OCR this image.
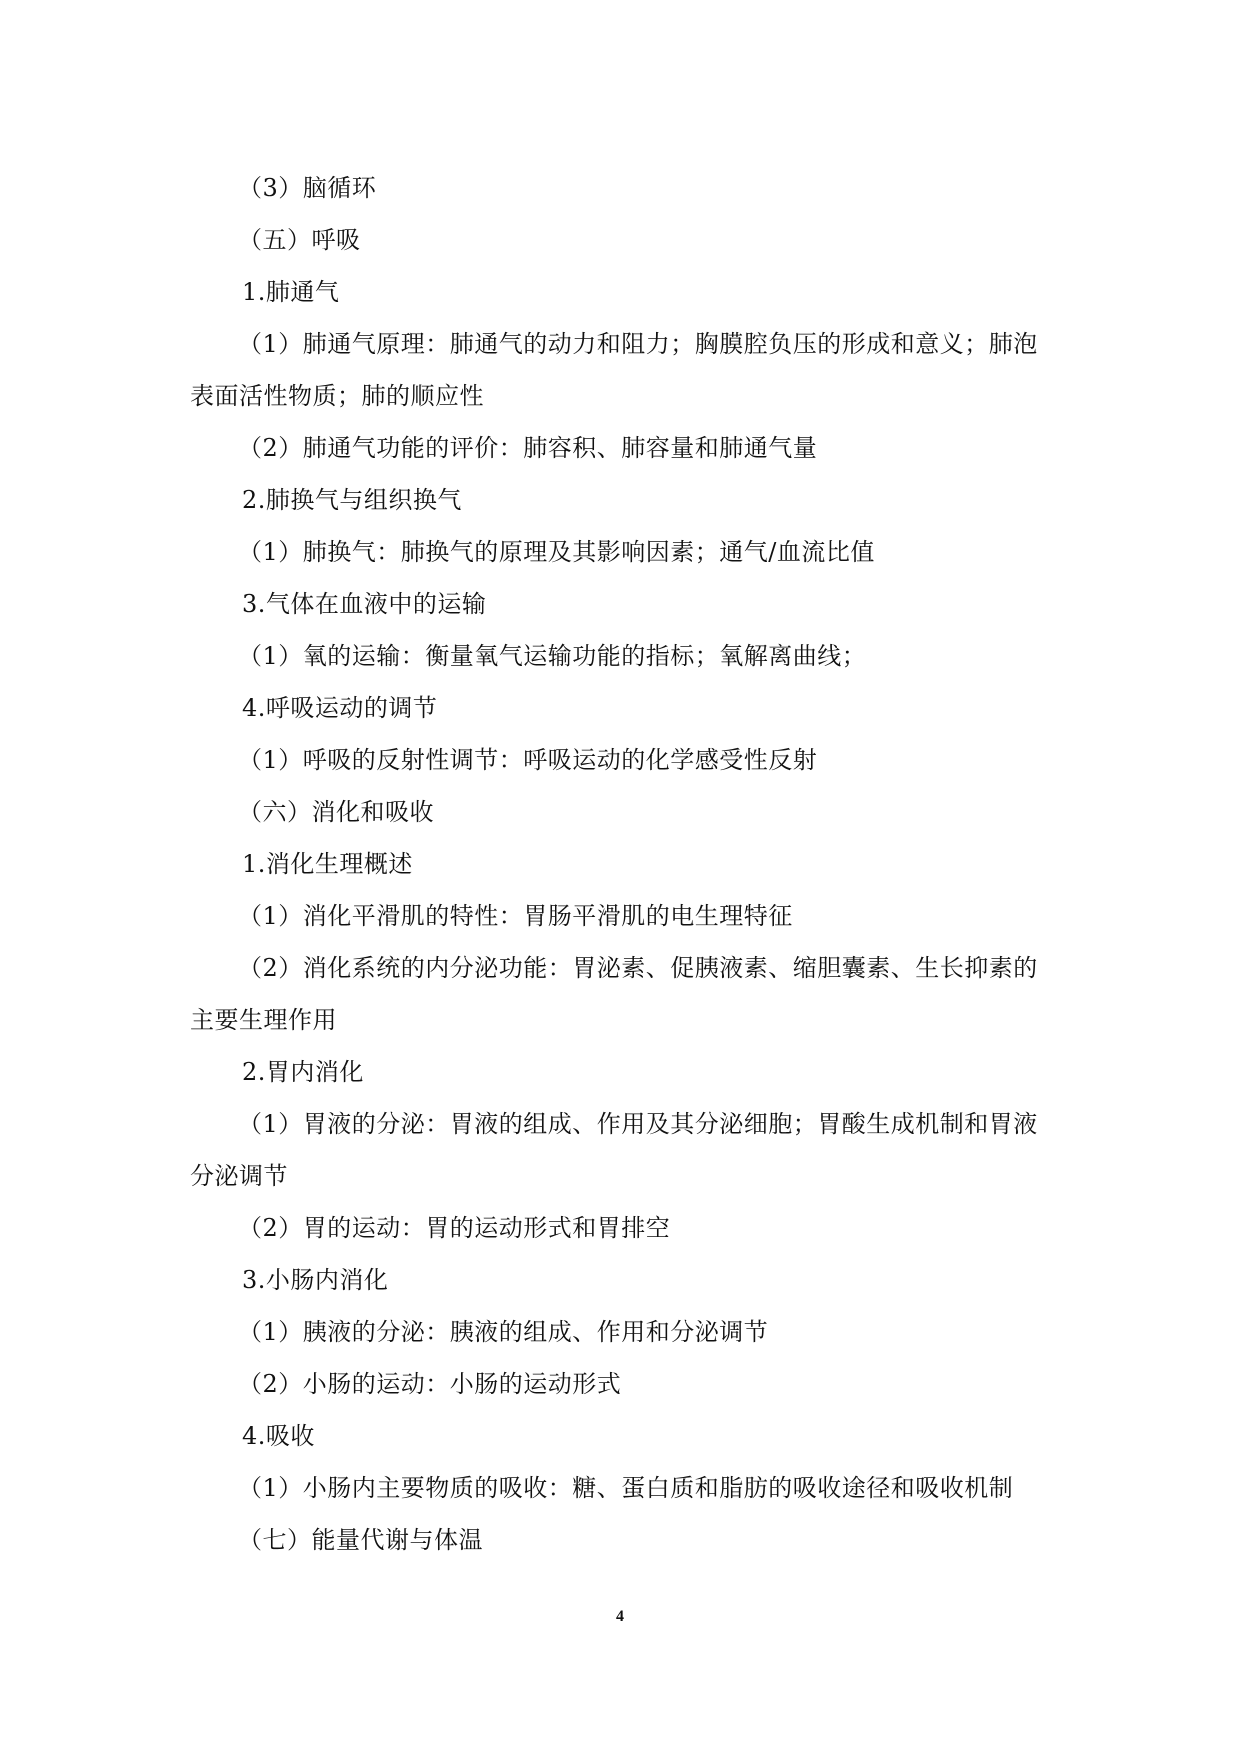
（3）脑循环
（五）呼吸
1.肺通气
（1）肺通气原理：肺通气的动力和阻力；胸膜腔负压的形成和意义；肺泡
表面活性物质；肺的顺应性
（2）肺通气功能的评价：肺容积、肺容量和肺通气量
2.肺换气与组织换气
（1）肺换气：肺换气的原理及其影响因素；通气/血流比值
3.气体在血液中的运输
（1）氧的运输：衡量氧气运输功能的指标；氧解离曲线；
4.呼吸运动的调节
（1）呼吸的反射性调节：呼吸运动的化学感受性反射
（六）消化和吸收
1.消化生理概述
（1）消化平滑肌的特性：胃肠平滑肌的电生理特征
（2）消化系统的内分泌功能：胃泌素、促胰液素、缩胆囊素、生长抑素的
主要生理作用
2.胃内消化
（1）胃液的分泌：胃液的组成、作用及其分泌细胞；胃酸生成机制和胃液
分泌调节
（2）胃的运动：胃的运动形式和胃排空
3.小肠内消化
（1）胰液的分泌：胰液的组成、作用和分泌调节
（2）小肠的运动：小肠的运动形式
4.吸收
（1）小肠内主要物质的吸收：糖、蛋白质和脂肪的吸收途径和吸收机制
（七）能量代谢与体温
4
